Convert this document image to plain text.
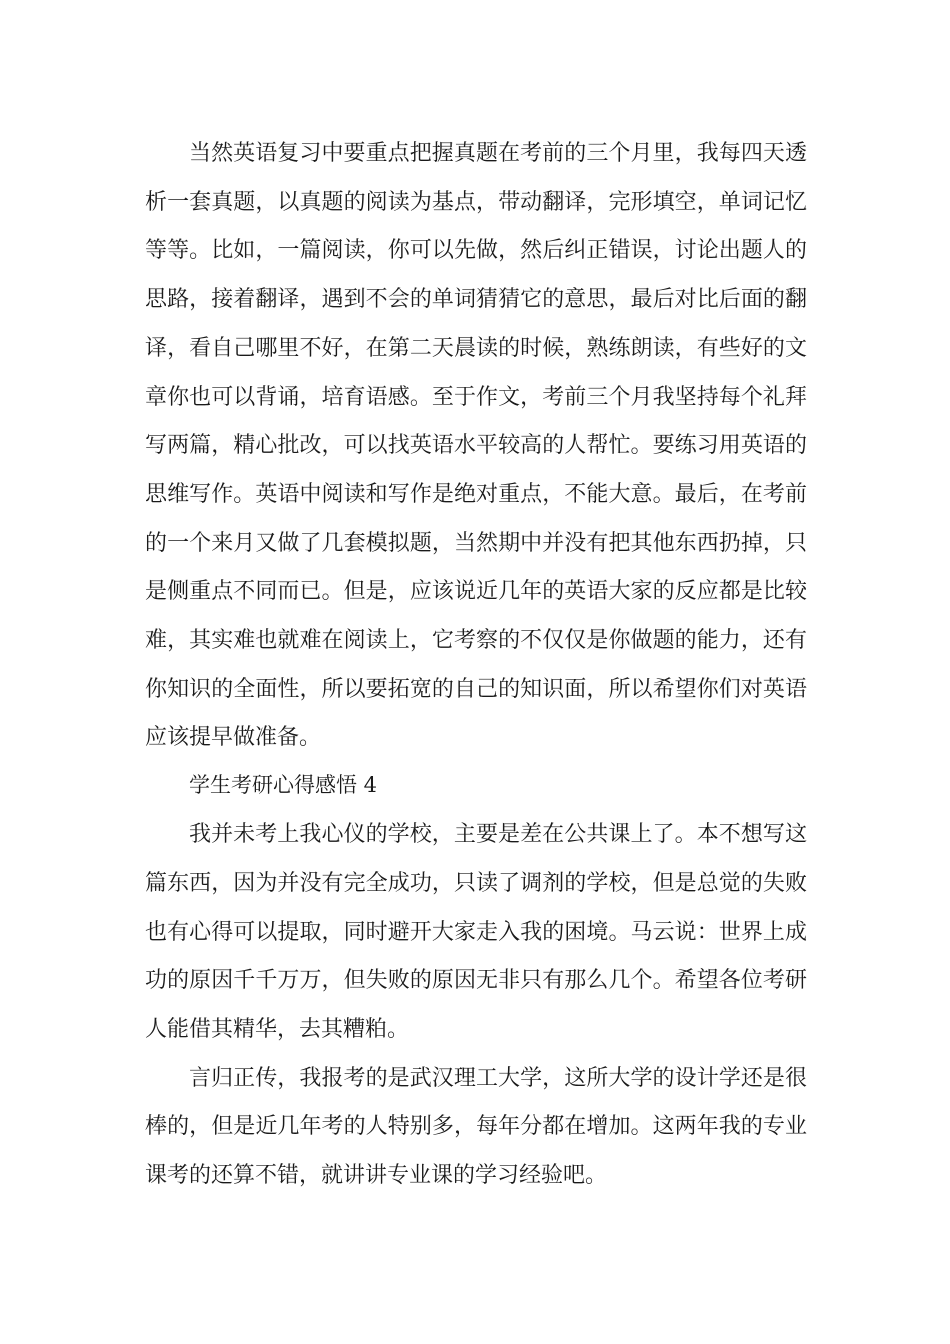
当然英语复习中要重点把握真题在考前的三个月里，我每四天透析一套真题，以真题的阅读为基点，带动翻译，完形填空，单词记忆等等。比如，一篇阅读，你可以先做，然后纠正错误，讨论出题人的思路，接着翻译，遇到不会的单词猜猜它的意思，最后对比后面的翻译，看自己哪里不好，在第二天晨读的时候，熟练朗读，有些好的文章你也可以背诵，培育语感。至于作文，考前三个月我坚持每个礼拜写两篇，精心批改，可以找英语水平较高的人帮忙。要练习用英语的思维写作。英语中阅读和写作是绝对重点，不能大意。最后，在考前的一个来月又做了几套模拟题，当然期中并没有把其他东西扔掉，只是侧重点不同而已。但是，应该说近几年的英语大家的反应都是比较难，其实难也就难在阅读上，它考察的不仅仅是你做题的能力，还有你知识的全面性，所以要拓宽的自己的知识面，所以希望你们对英语应该提早做准备。

学生考研心得感悟 4

我并未考上我心仪的学校，主要是差在公共课上了。本不想写这篇东西，因为并没有完全成功，只读了调剂的学校，但是总觉的失败也有心得可以提取，同时避开大家走入我的困境。马云说：世界上成功的原因千千万万，但失败的原因无非只有那么几个。希望各位考研人能借其精华，去其糟粕。

言归正传，我报考的是武汉理工大学，这所大学的设计学还是很棒的，但是近几年考的人特别多，每年分都在增加。这两年我的专业课考的还算不错，就讲讲专业课的学习经验吧。
